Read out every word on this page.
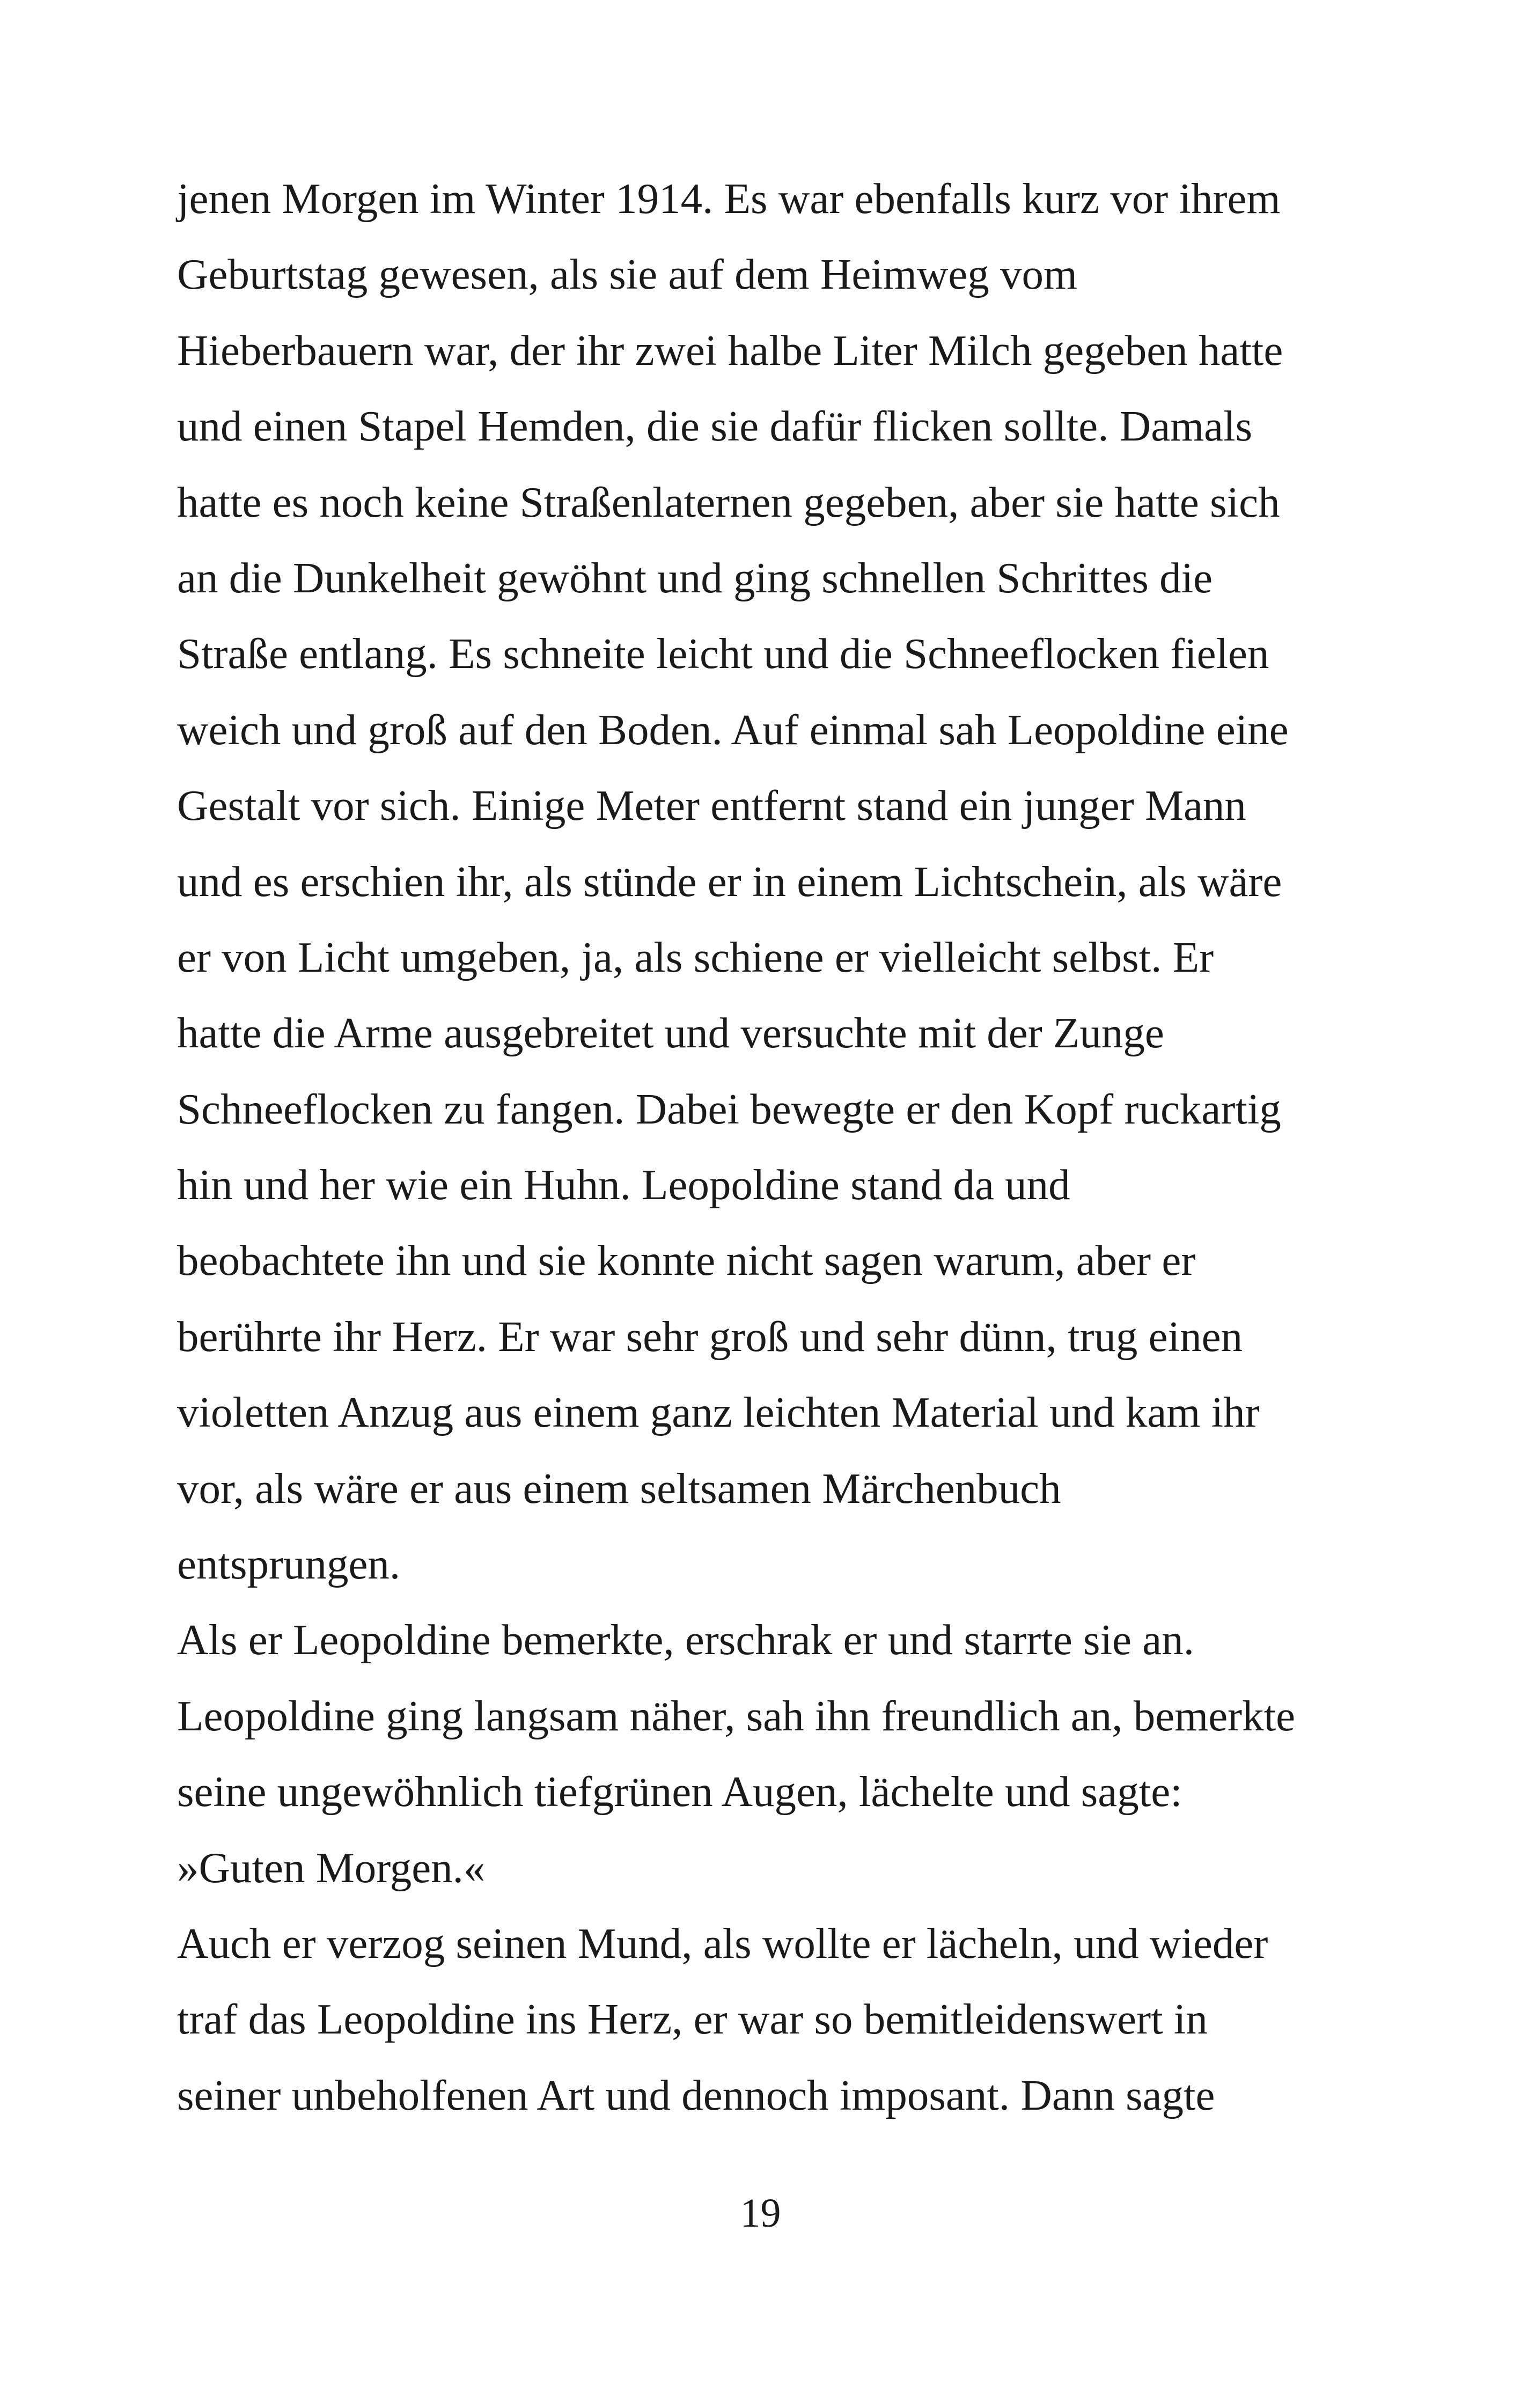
jenen Morgen im Winter 1914. Es war ebenfalls kurz vor ihrem
Geburtstag gewesen, als sie auf dem Heimweg vom
Hieberbauern war, der ihr zwei halbe Liter Milch gegeben hatte
und einen Stapel Hemden, die sie dafür flicken sollte. Damals
hatte es noch keine Straßenlaternen gegeben, aber sie hatte sich
an die Dunkelheit gewöhnt und ging schnellen Schrittes die
Straße entlang. Es schneite leicht und die Schneeflocken fielen
weich und groß auf den Boden. Auf einmal sah Leopoldine eine
Gestalt vor sich. Einige Meter entfernt stand ein junger Mann
und es erschien ihr, als stünde er in einem Lichtschein, als wäre
er von Licht umgeben, ja, als schiene er vielleicht selbst. Er
hatte die Arme ausgebreitet und versuchte mit der Zunge
Schneeflocken zu fangen. Dabei bewegte er den Kopf ruckartig
hin und her wie ein Huhn. Leopoldine stand da und
beobachtete ihn und sie konnte nicht sagen warum, aber er
berührte ihr Herz. Er war sehr groß und sehr dünn, trug einen
violetten Anzug aus einem ganz leichten Material und kam ihr
vor, als wäre er aus einem seltsamen Märchenbuch
entsprungen.
Als er Leopoldine bemerkte, erschrak er und starrte sie an.
Leopoldine ging langsam näher, sah ihn freundlich an, bemerkte
seine ungewöhnlich tiefgrünen Augen, lächelte und sagte:
»Guten Morgen.«
Auch er verzog seinen Mund, als wollte er lächeln, und wieder
traf das Leopoldine ins Herz, er war so bemitleidenswert in
seiner unbeholfenen Art und dennoch imposant. Dann sagte
19
